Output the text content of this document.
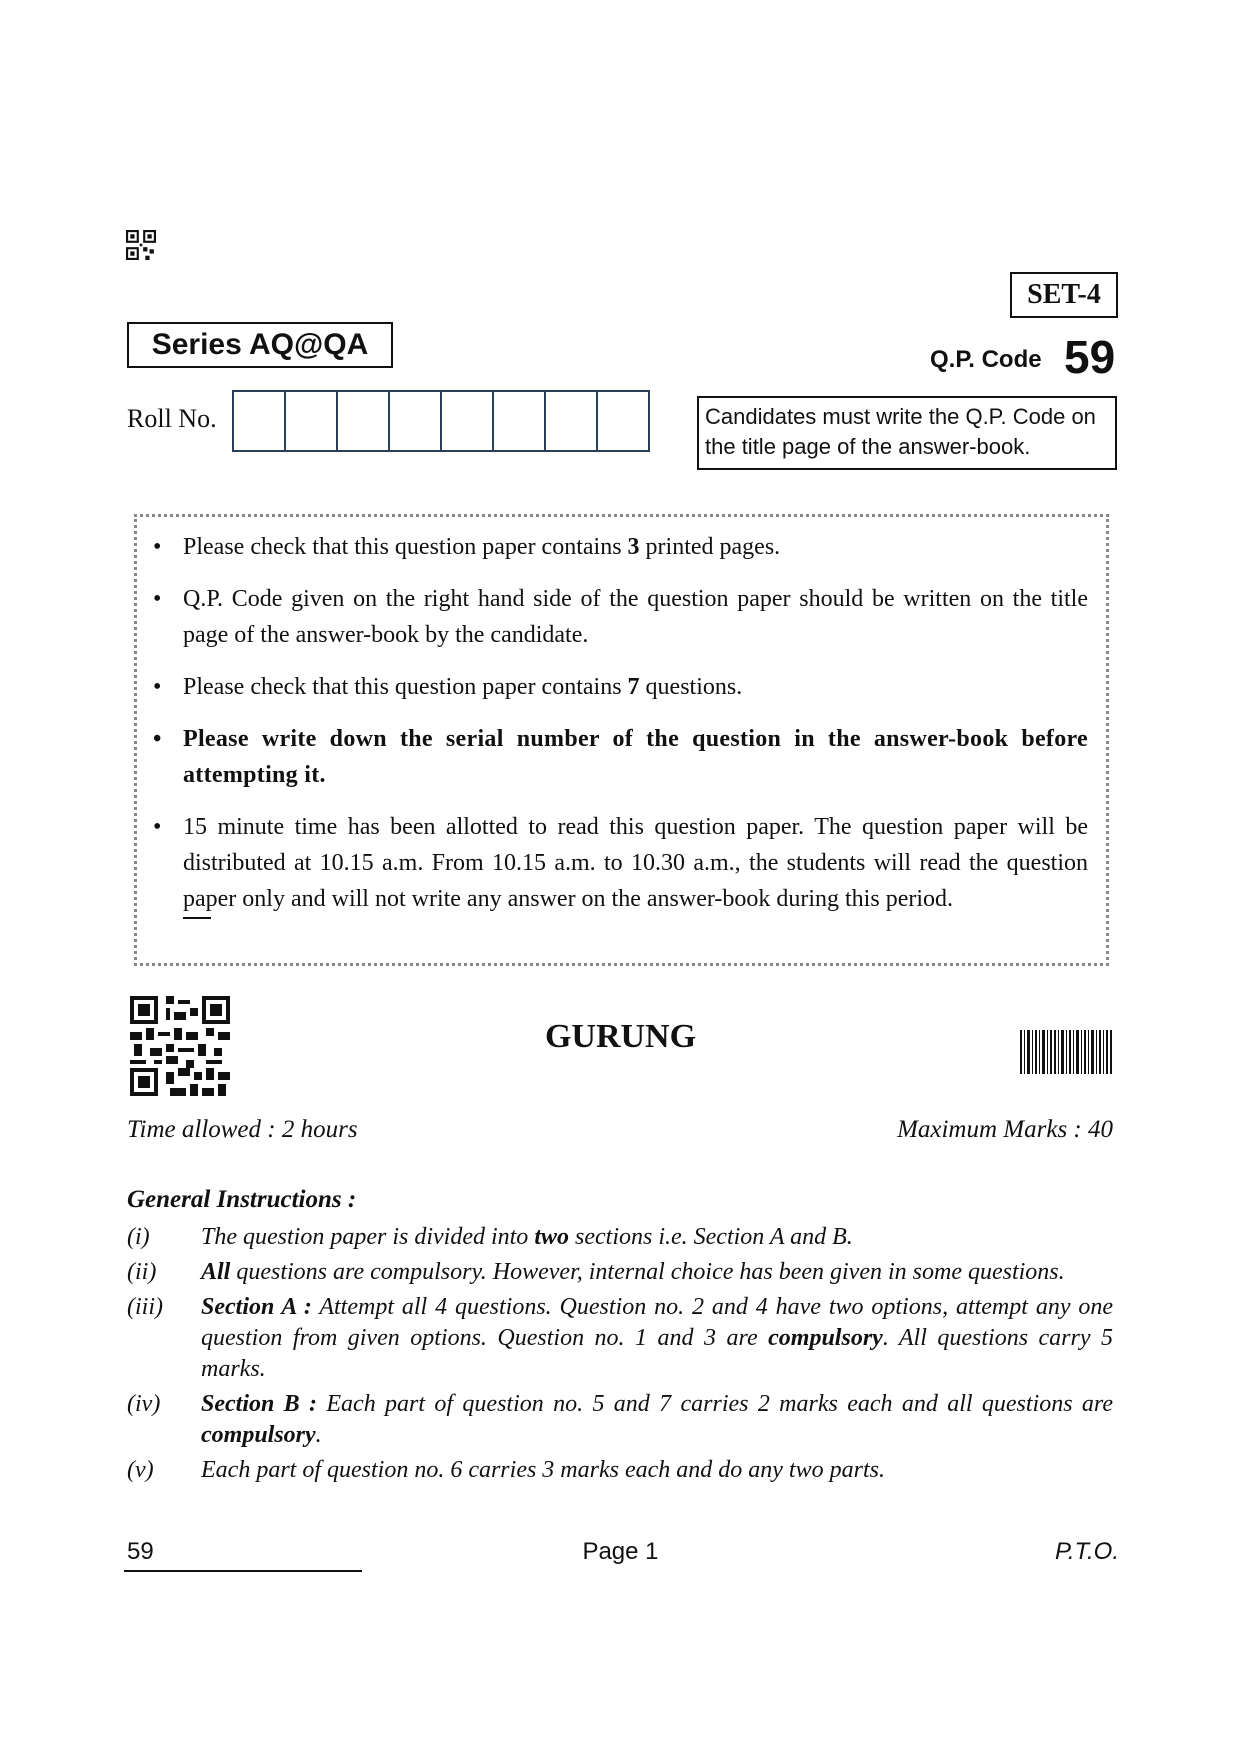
SET-4
Series AQ@QA	Q.P. Code 59
Roll No.	Candidates must write the Q.P. Code on the title page of the answer-book.
• Please check that this question paper contains 3 printed pages.
• Q.P. Code given on the right hand side of the question paper should be written on the title page of the answer-book by the candidate.
• Please check that this question paper contains 7 questions.
• Please write down the serial number of the question in the answer-book before attempting it.
• 15 minute time has been allotted to read this question paper. The question paper will be distributed at 10.15 a.m. From 10.15 a.m. to 10.30 a.m., the students will read the question paper only and will not write any answer on the answer-book during this period.
GURUNG
Time allowed : 2 hours	Maximum Marks : 40
General Instructions :
(i)	The question paper is divided into two sections i.e. Section A and B.
(ii)	All questions are compulsory. However, internal choice has been given in some questions.
(iii)	Section A : Attempt all 4 questions. Question no. 2 and 4 have two options, attempt any one question from given options. Question no. 1 and 3 are compulsory. All questions carry 5 marks.
(iv)	Section B : Each part of question no. 5 and 7 carries 2 marks each and all questions are compulsory.
(v)	Each part of question no. 6 carries 3 marks each and do any two parts.
59	Page 1	P.T.O.
